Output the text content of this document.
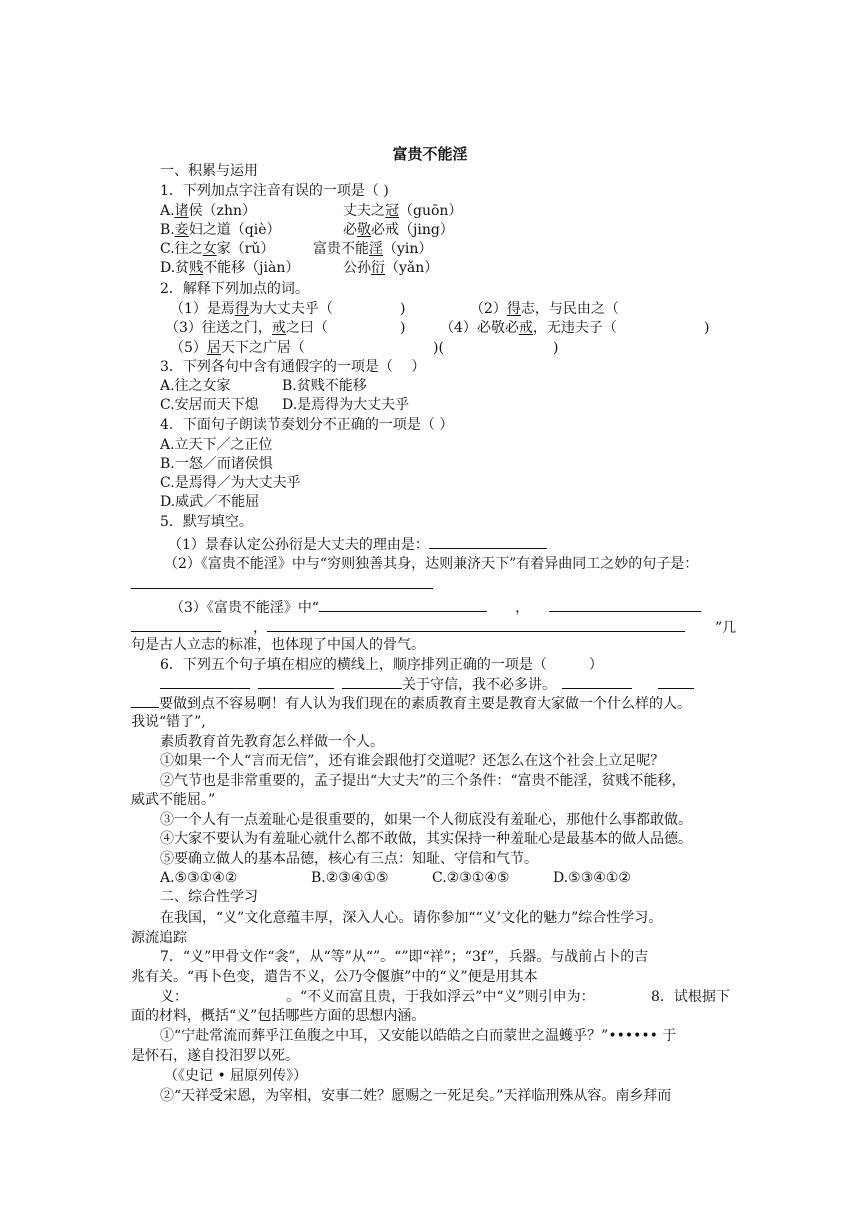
富贵不能淫
一、积累与运用
1．下列加点字注音有误的一项是（ )
A.诸侯（zhn）	丈夫之冠（guōn）
B.妾妇之道（qiè）	必敬必戒（jing）
C.往之女家（rǔ）	富贵不能淫（yin）
D.贫贱不能移（jiàn）	公孙衍（yǎn）
2．解释下列加点的词。
（1）是焉得为大丈夫乎（	)	（2）得志，与民由之（
（3）往送之门，戒之曰（	) （4）必敬必戒，无违夫子（	)
（5）居天下之广居（	)(	)
3．下列各句中含有通假字的一项是（　 ）
A.往之女家	B.贫贱不能移
C.安居而天下熄 D.是焉得为大丈夫乎
4．下面句子朗读节奏划分不正确的一项是（ ）
A.立天下／之正位
B.一怒／而诸侯惧
C.是焉得／为大丈夫乎
D.威武／不能屈
5．默写填空。
（1）景春认定公孙衍是大丈夫的理由是：
（2）《富贵不能淫》中与“穷则独善其身，达则兼济天下”有着异曲同工之妙的句子是：
（3）《富贵不能淫》中“	，
，	”几
句是古人立志的标准，也体现了中国人的骨气。
6．下列五个句子填在相应的横线上，顺序排列正确的一项是（　　　）
关于守信，我不必多讲。
要做到点不容易啊！有人认为我们现在的素质教育主要是教育大家做一个什么样的人。
我说“错了”,
素质教育首先教育怎么样做一个人。
①如果一个人“言而无信”，还有谁会跟他打交道呢？还怎么在这个社会上立足呢？
②气节也是非常重要的，孟子提出“大丈夫”的三个条件：“富贵不能淫，贫贱不能移，
威武不能屈。”
③一个人有一点羞耻心是很重要的，如果一个人彻底没有羞耻心，那他什么事都敢做。
④大家不要认为有羞耻心就什么都不敢做，其实保持一种羞耻心是最基本的做人品德。
⑤要确立做人的基本品德，核心有三点：知耻、守信和气节。
A.⑤③①④②	B.②③④①⑤	C.②③①④⑤	D.⑤③④①②
二、综合性学习
在我国，“义”文化意蕴丰厚，深入人心。请你参加““义’文化的魅力”综合性学习。
源流追踪
7．“义”甲骨文作“衾”，从“等”从“”。“”即“祥”；“3f”，兵器。与战前占卜的吉
兆有关。“再卜色变，遣告不义，公乃令偃旗”中的“义”便是用其本
义：	。“不义而富且贵，于我如浮云”中“义”则引申为：	8．试根据下
面的材料，概括“义”包括哪些方面的思想内涵。
①“宁赴常流而葬乎江鱼腹之中耳，又安能以皓皓之白而蒙世之温蠖乎？”•••••• 于
是怀石，遂自投汨罗以死。
（《史记 • 屈原列传》）
②“天祥受宋恩，为宰相，安事二姓？愿赐之一死足矣。”天祥临刑殊从容。南乡拜而
